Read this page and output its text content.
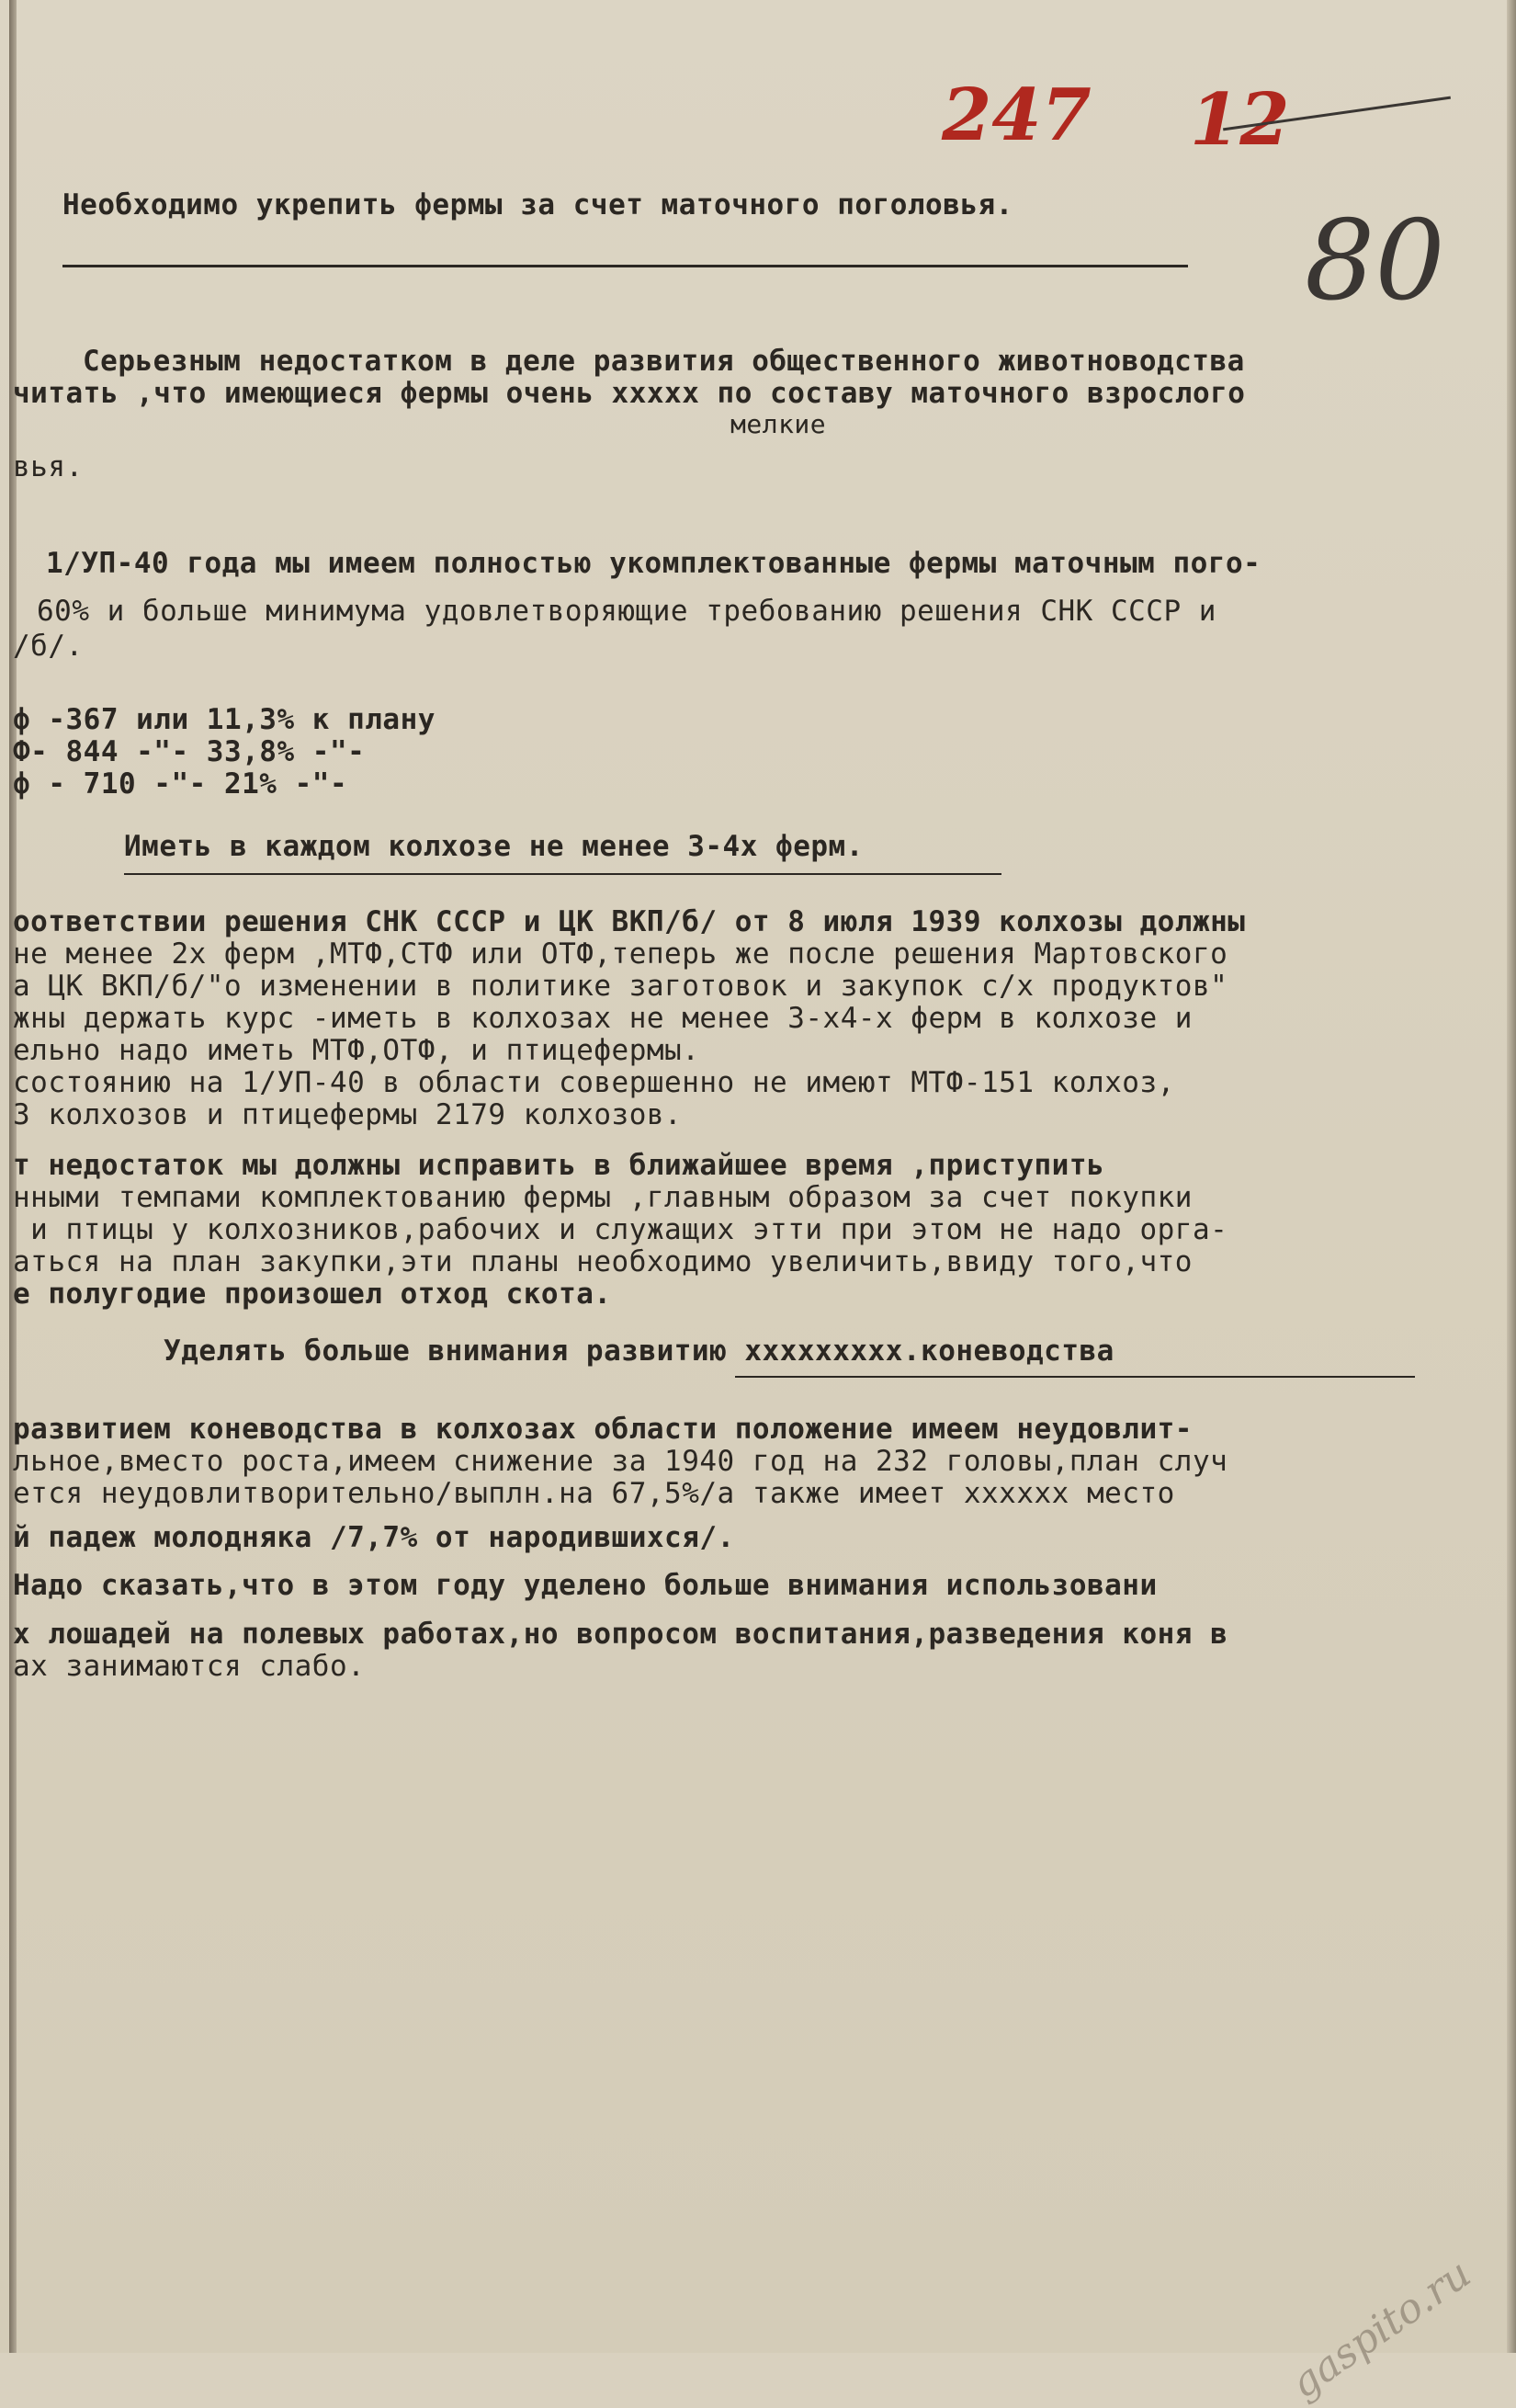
247 12
80
Необходимо укрепить фермы за счет маточного поголовья.
Серьезным недостатком в деле развития общественного животноводства
читать ,что имеющиеся фермы очень xxxxx по составу маточного взрослого
мелкие
вья.
1/УП-40 года мы имеем полностью укомплектованные фермы маточным пого-
60% и больше минимума удовлетворяющие требованию решения СНК СССР и
/б/.
ф -367 или 11,3% к плану
Ф- 844 -"- 33,8% -"-
ф - 710 -"- 21% -"-
Иметь в каждом колхозе не менее 3-4х ферм.
оответствии решения СНК СССР и ЦК ВКП/б/ от 8 июля 1939 колхозы должны
не менее 2х ферм ,МТФ,СТФ или ОТФ,теперь же после решения Мартовского
а ЦК ВКП/б/"о изменении в политике заготовок и закупок с/х продуктов"
жны держать курс -иметь в колхозах не менее 3-х4-х ферм в колхозе и
ельно надо иметь МТФ,ОТФ, и птицефермы.
состоянию на 1/УП-40 в области совершенно не имеют МТФ-151 колхоз,
3 колхозов и птицефермы 2179 колхозов.
т недостаток мы должны исправить в ближайшее время ,приступить
нными темпами комплектованию фермы ,главным образом за счет покупки
и птицы у колхозников,рабочих и служащих этти при этом не надо орга-
аться на план закупки,эти планы необходимо увеличить,ввиду того,что
е полугодие произошел отход скота.
Уделять больше внимания развитию xxxxxxxxx.коневодства
развитием коневодства в колхозах области положение имеем неудовлит-
льное,вместо роста,имеем снижение за 1940 год на 232 головы,план случ
ется неудовлитворительно/выплн.на 67,5%/а также имеет xxxxxx место
й падеж молодняка /7,7% от народившихся/.
Надо сказать,что в этом году уделено больше внимания использовани
х лошадей на полевых работах,но вопросом воспитания,разведения коня в
ах занимаются слабо.
gaspito.ru
